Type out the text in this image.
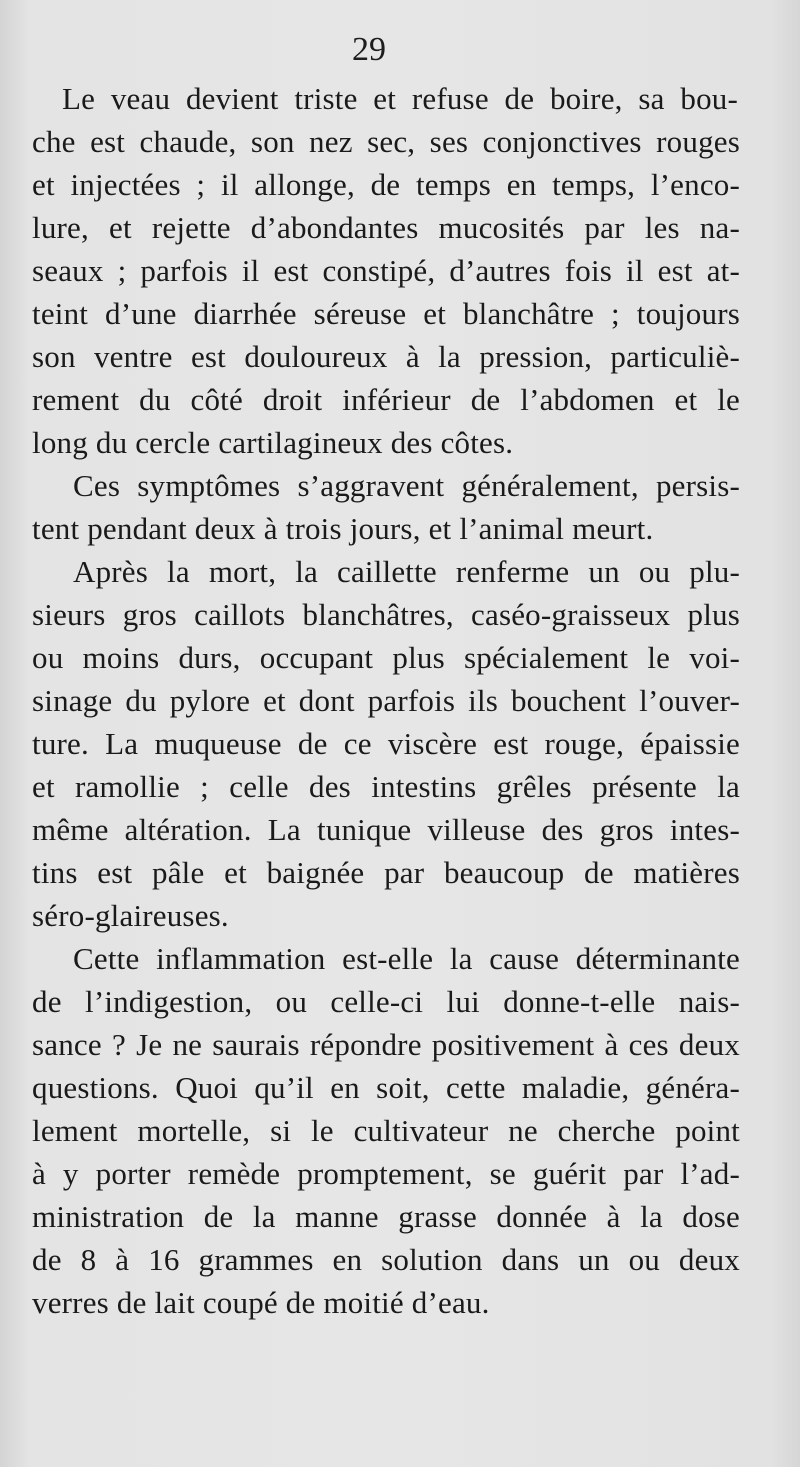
29
Le veau devient triste et refuse de boire, sa bou-
che est chaude, son nez sec, ses conjonctives rouges
et injectées ; il allonge, de temps en temps, l’enco-
lure, et rejette d’abondantes mucosités par les na-
seaux ; parfois il est constipé, d’autres fois il est at-
teint d’une diarrhée séreuse et blanchâtre ; toujours
son ventre est douloureux à la pression, particuliè-
rement du côté droit inférieur de l’abdomen et le
long du cercle cartilagineux des côtes.
Ces symptômes s’aggravent généralement, persis-
tent pendant deux à trois jours, et l’animal meurt.
Après la mort, la caillette renferme un ou plu-
sieurs gros caillots blanchâtres, caséo-graisseux plus
ou moins durs, occupant plus spécialement le voi-
sinage du pylore et dont parfois ils bouchent l’ouver-
ture. La muqueuse de ce viscère est rouge, épaissie
et ramollie ; celle des intestins grêles présente la
même altération. La tunique villeuse des gros intes-
tins est pâle et baignée par beaucoup de matières
séro-glaireuses.
Cette inflammation est-elle la cause déterminante
de l’indigestion, ou celle-ci lui donne-t-elle nais-
sance ? Je ne saurais répondre positivement à ces deux
questions. Quoi qu’il en soit, cette maladie, généra-
lement mortelle, si le cultivateur ne cherche point
à y porter remède promptement, se guérit par l’ad-
ministration de la manne grasse donnée à la dose
de 8 à 16 grammes en solution dans un ou deux
verres de lait coupé de moitié d’eau.
